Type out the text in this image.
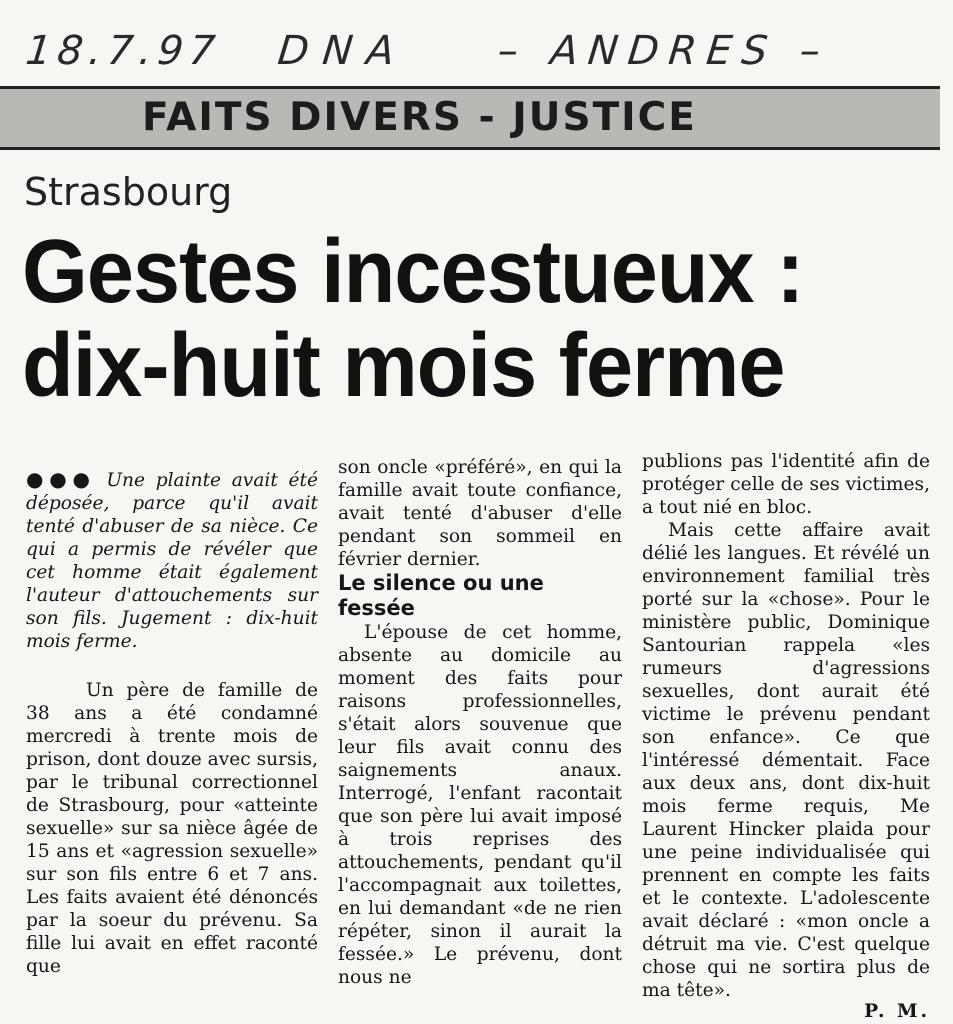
18.7.97 DNA – ANDRES –
FAITS DIVERS - JUSTICE
Strasbourg
Gestes incestueux :
dix-huit mois ferme

●●● Une plainte avait été déposée, parce qu'il avait tenté d'abuser de sa nièce. Ce qui a permis de révéler que cet homme était également l'auteur d'attouchements sur son fils. Jugement : dix-huit mois ferme.

Un père de famille de 38 ans a été condamné mercredi à trente mois de prison, dont douze avec sursis, par le tribunal correctionnel de Strasbourg, pour «atteinte sexuelle» sur sa nièce âgée de 15 ans et «agression sexuelle» sur son fils entre 6 et 7 ans. Les faits avaient été dénoncés par la soeur du prévenu. Sa fille lui avait en effet raconté que

son oncle «préféré», en qui la famille avait toute confiance, avait tenté d'abuser d'elle pendant son sommeil en février dernier.

Le silence ou une fessée

L'épouse de cet homme, absente au domicile au moment des faits pour raisons professionnelles, s'était alors souvenue que leur fils avait connu des saignements anaux. Interrogé, l'enfant racontait que son père lui avait imposé à trois reprises des attouchements, pendant qu'il l'accompagnait aux toilettes, en lui demandant «de ne rien répéter, sinon il aurait la fessée.» Le prévenu, dont nous ne

publions pas l'identité afin de protéger celle de ses victimes, a tout nié en bloc.

Mais cette affaire avait délié les langues. Et révélé un environnement familial très porté sur la «chose». Pour le ministère public, Dominique Santourian rappela «les rumeurs d'agressions sexuelles, dont aurait été victime le prévenu pendant son enfance». Ce que l'intéressé démentait. Face aux deux ans, dont dix-huit mois ferme requis, Me Laurent Hincker plaida pour une peine individualisée qui prennent en compte les faits et le contexte. L'adolescente avait déclaré : «mon oncle a détruit ma vie. C'est quelque chose qui ne sortira plus de ma tête».

P. M.
